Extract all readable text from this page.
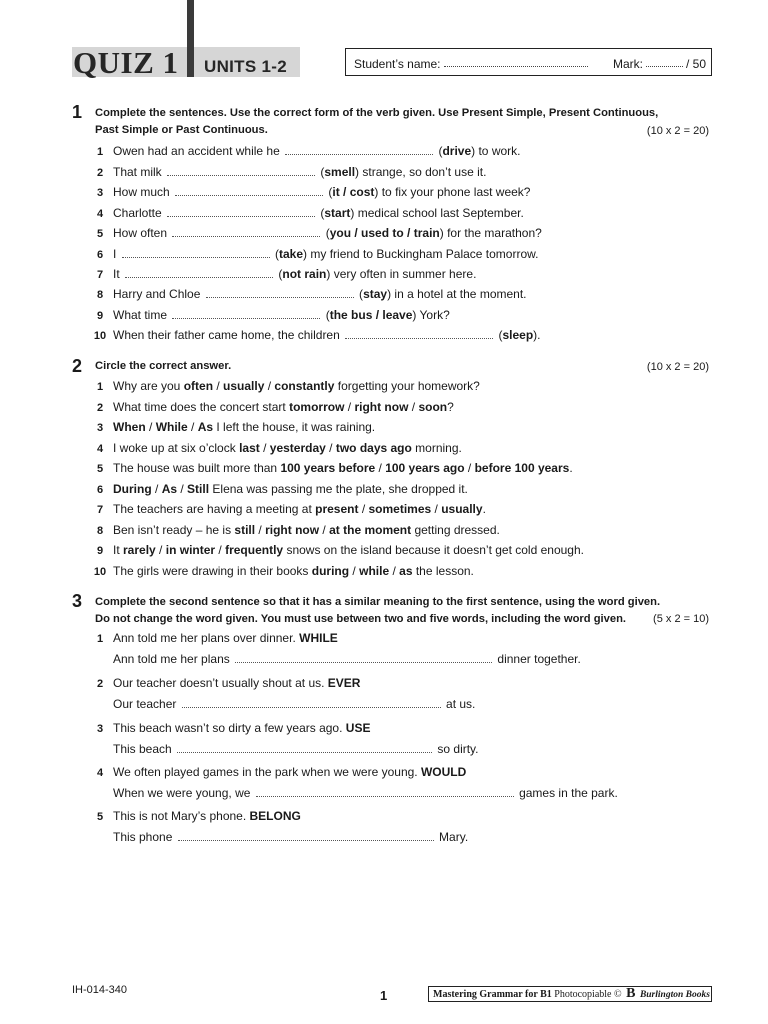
QUIZ 1 UNITS 1-2	Student’s name:	Mark:	/ 50
1 Complete the sentences. Use the correct form of the verb given. Use Present Simple, Present Continuous, Past Simple or Past Continuous.	(10 x 2 = 20)
1 Owen had an accident while he	(drive) to work.
2 That milk	(smell) strange, so don’t use it.
3 How much	(it / cost) to fix your phone last week?
4 Charlotte	(start) medical school last September.
5 How often	(you / used to / train) for the marathon?
6 I	(take) my friend to Buckingham Palace tomorrow.
7 It	(not rain) very often in summer here.
8 Harry and Chloe	(stay) in a hotel at the moment.
9 What time	(the bus / leave) York?
10 When their father came home, the children	(sleep).
2 Circle the correct answer.	(10 x 2 = 20)
1 Why are you often / usually / constantly forgetting your homework?
2 What time does the concert start tomorrow / right now / soon?
3 When / While / As I left the house, it was raining.
4 I woke up at six o’clock last / yesterday / two days ago morning.
5 The house was built more than 100 years before / 100 years ago / before 100 years.
6 During / As / Still Elena was passing me the plate, she dropped it.
7 The teachers are having a meeting at present / sometimes / usually.
8 Ben isn’t ready – he is still / right now / at the moment getting dressed.
9 It rarely / in winter / frequently snows on the island because it doesn’t get cold enough.
10 The girls were drawing in their books during / while / as the lesson.
3 Complete the second sentence so that it has a similar meaning to the first sentence, using the word given.
Do not change the word given. You must use between two and five words, including the word given.	(5 x 2 = 10)
1 Ann told me her plans over dinner. WHILE
Ann told me her plans	dinner together.
2 Our teacher doesn’t usually shout at us. EVER
Our teacher	at us.
3 This beach wasn’t so dirty a few years ago. USE
This beach	so dirty.
4 We often played games in the park when we were young. WOULD
When we were young, we	games in the park.
5 This is not Mary’s phone. BELONG
This phone	Mary.
IH-014-340	1	Mastering Grammar for B1 Photocopiable © B Burlington Books
